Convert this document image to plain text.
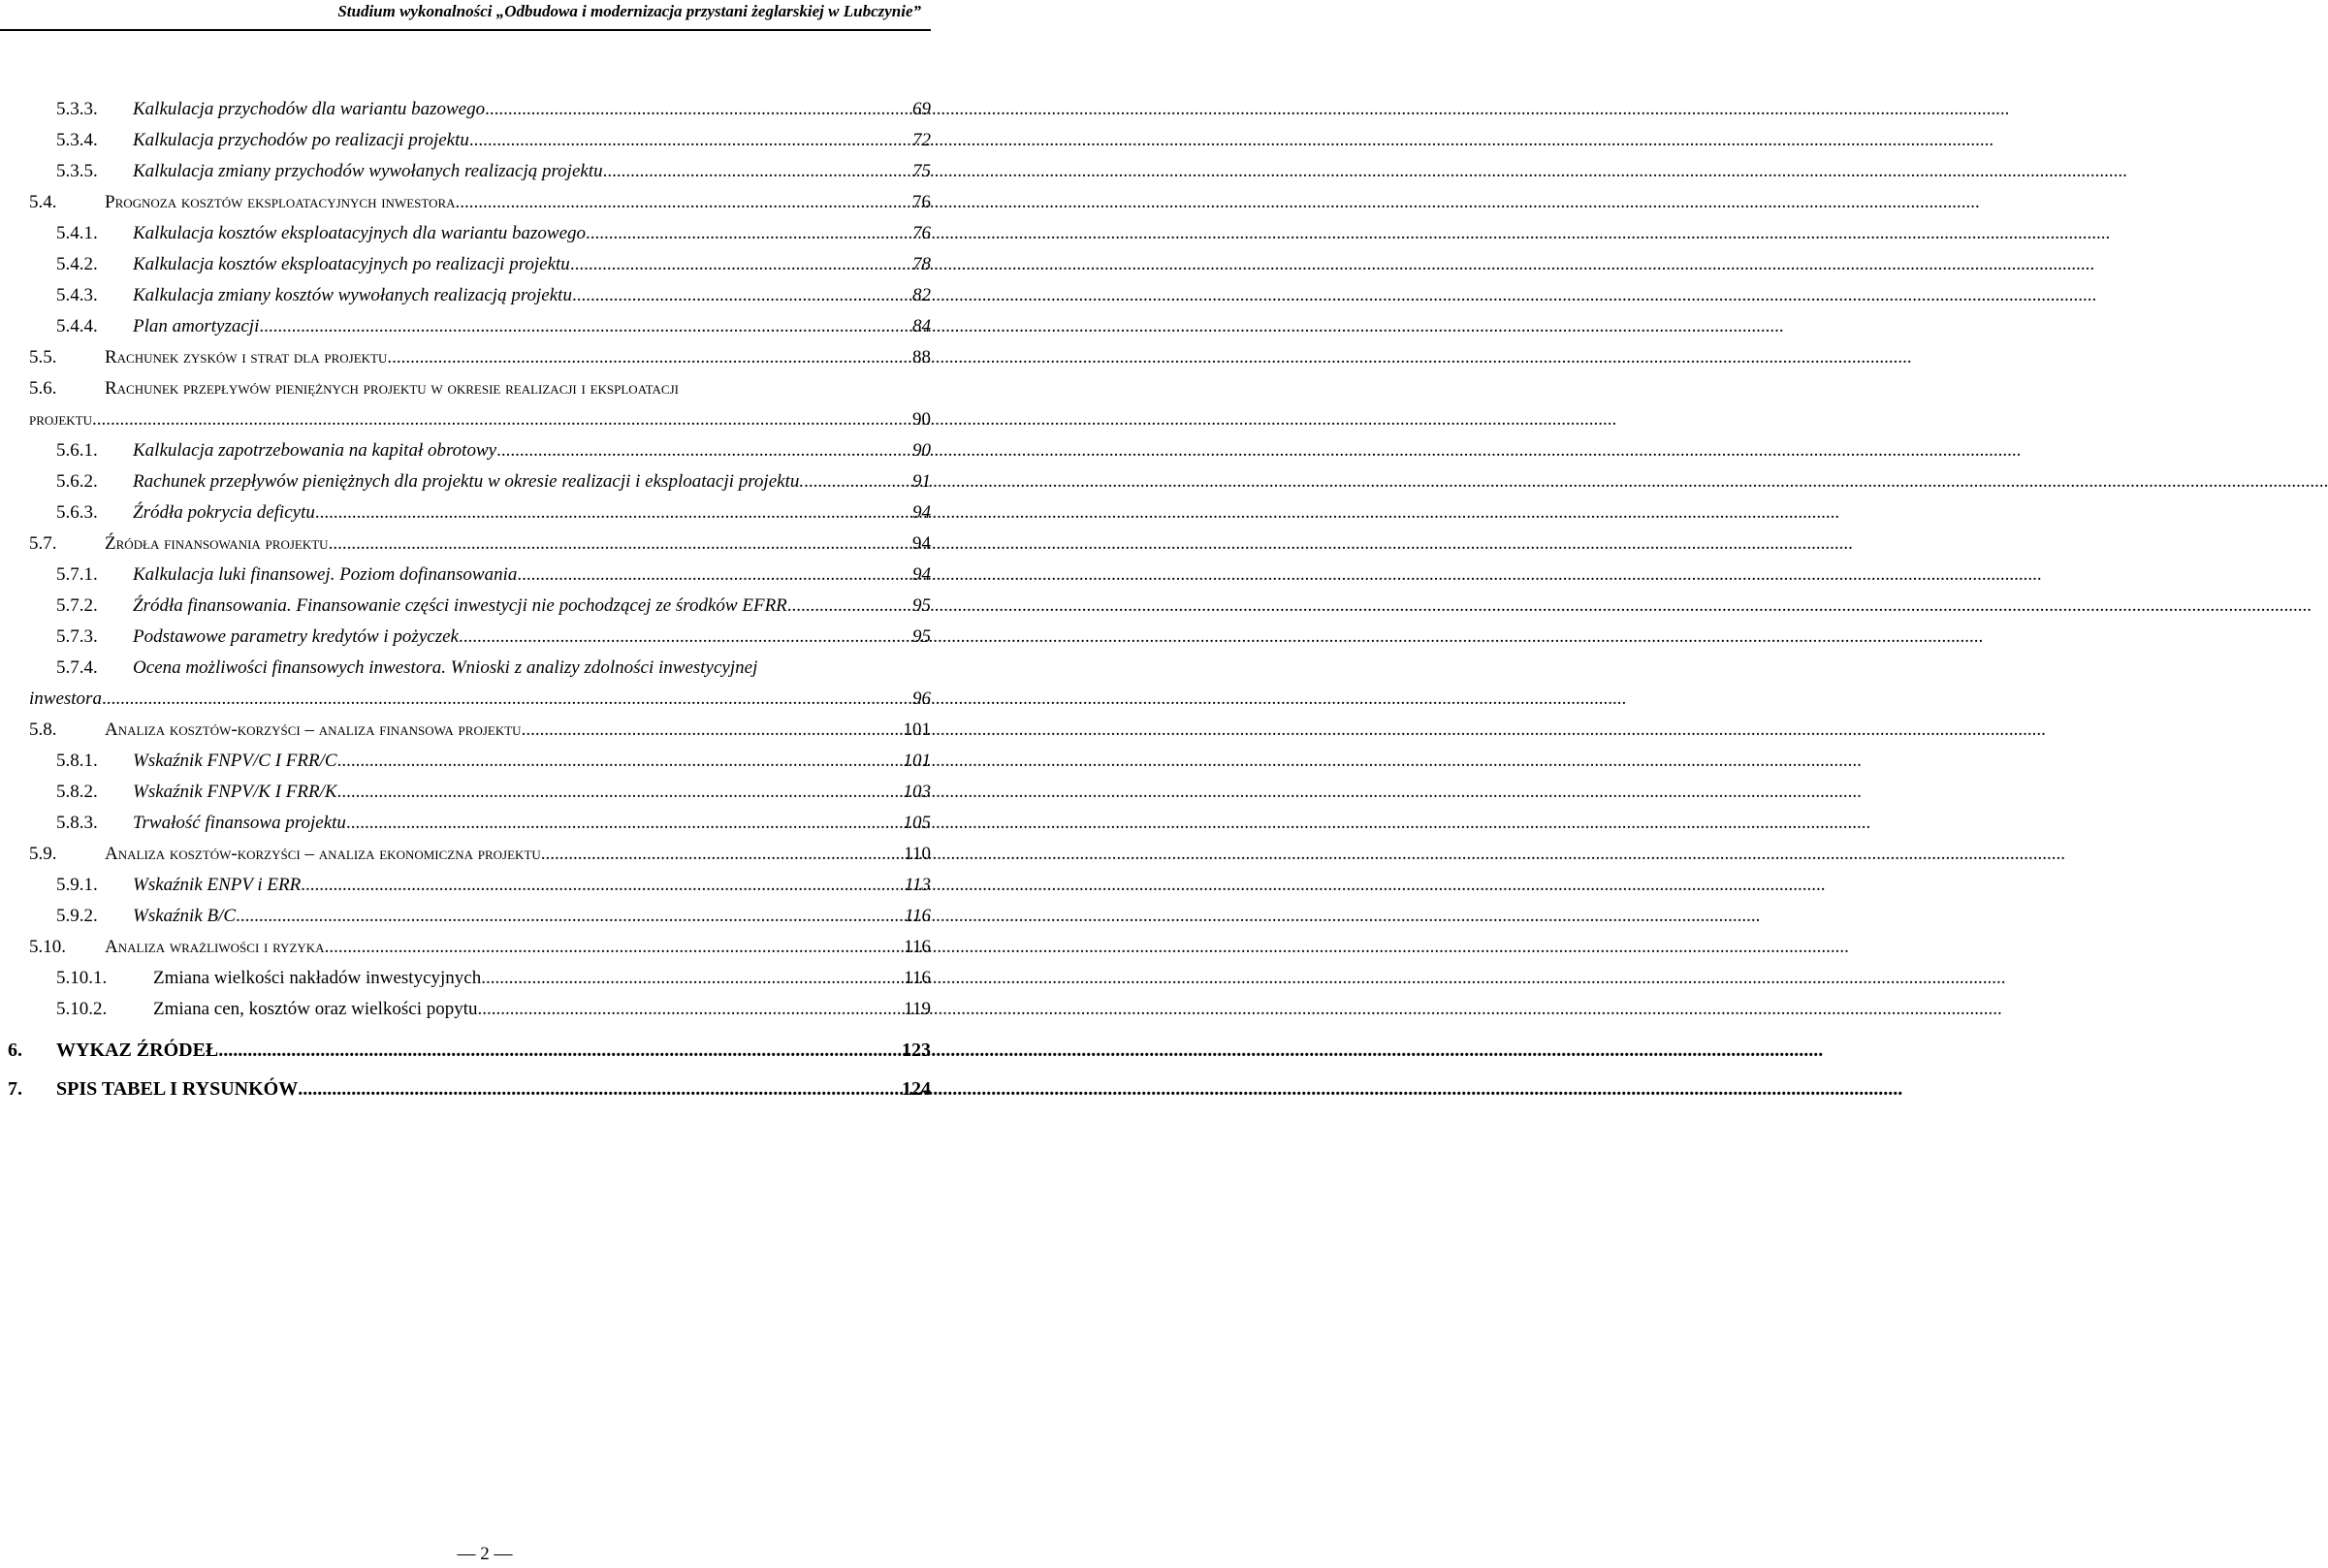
Studium wykonalności „Odbudowa i modernizacja przystani żeglarskiej w Lubczynie”
5.3.3.	Kalkulacja przychodów dla wariantu bazowego .....	69
5.3.4.	Kalkulacja przychodów po realizacji projektu .....	72
5.3.5.	Kalkulacja zmiany przychodów wywołanych realizacją projektu .....	75
5.4.	Prognoza kosztów eksploatacyjnych inwestora .....	76
5.4.1.	Kalkulacja kosztów eksploatacyjnych dla wariantu bazowego .....	76
5.4.2.	Kalkulacja kosztów eksploatacyjnych po realizacji projektu .....	78
5.4.3.	Kalkulacja zmiany kosztów wywołanych realizacją projektu .....	82
5.4.4.	Plan amortyzacji .....	84
5.5.	Rachunek zysków i strat dla projektu .....	88
5.6.	Rachunek przepływów pieniężnych projektu w okresie realizacji i eksploatacji
projektu .....	90
5.6.1.	Kalkulacja zapotrzebowania na kapitał obrotowy .....	90
5.6.2.	Rachunek przepływów pieniężnych dla projektu w okresie realizacji i eksploatacji projektu. .....	91
5.6.3.	Źródła pokrycia deficytu .....	94
5.7.	Źródła finansowania projektu .....	94
5.7.1.	Kalkulacja luki finansowej. Poziom dofinansowania .....	94
5.7.2.	Źródła finansowania. Finansowanie części inwestycji nie pochodzącej ze środków EFRR .....	95
5.7.3.	Podstawowe parametry kredytów i pożyczek .....	95
5.7.4.	Ocena możliwości finansowych inwestora. Wnioski z analizy zdolności inwestycyjnej
inwestora .....	96
5.8.	Analiza kosztów-korzyści – analiza finansowa projektu .....	101
5.8.1.	Wskaźnik FNPV/C I FRR/C .....	101
5.8.2.	Wskaźnik FNPV/K I FRR/K .....	103
5.8.3.	Trwałość finansowa projektu .....	105
5.9.	Analiza kosztów-korzyści – analiza ekonomiczna projektu .....	110
5.9.1.	Wskaźnik ENPV i ERR .....	113
5.9.2.	Wskaźnik B/C .....	116
5.10.	Analiza wrażliwości i ryzyka .....	116
5.10.1.	Zmiana wielkości nakładów inwestycyjnych .....	116
5.10.2.	Zmiana cen, kosztów oraz wielkości popytu .....	119
6.	WYKAZ ŹRÓDEŁ .....	123
7.	SPIS TABEL I RYSUNKÓW .....	124
— 2 —
